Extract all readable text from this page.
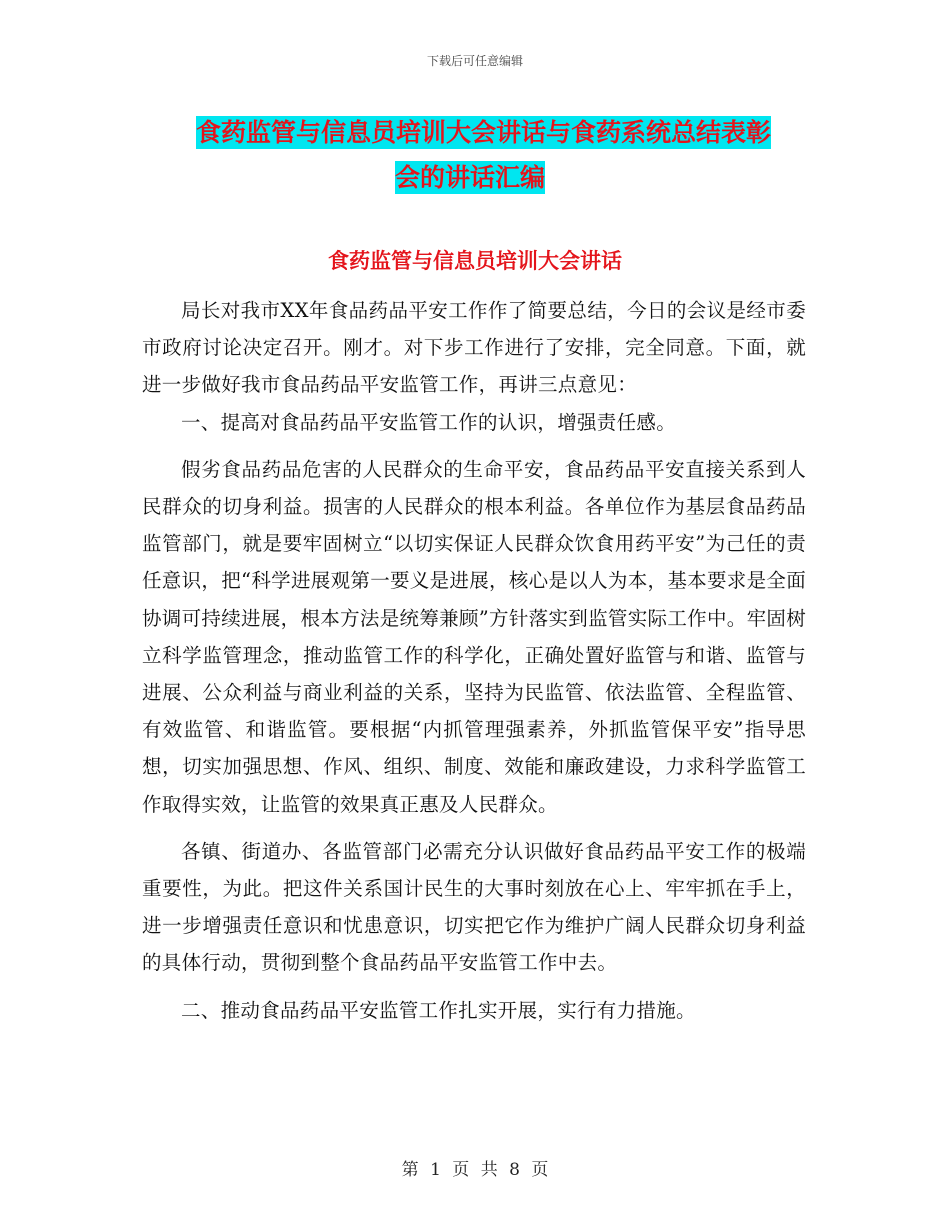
下载后可任意编辑
食药监管与信息员培训大会讲话与食药系统总结表彰
会的讲话汇编
食药监管与信息员培训大会讲话

局长对我市XX年食品药品平安工作作了简要总结，今日的会议是经市委市政府讨论决定召开。刚才。对下步工作进行了安排，完全同意。下面，就进一步做好我市食品药品平安监管工作，再讲三点意见：

一、提高对食品药品平安监管工作的认识，增强责任感。

假劣食品药品危害的人民群众的生命平安，食品药品平安直接关系到人民群众的切身利益。损害的人民群众的根本利益。各单位作为基层食品药品监管部门，就是要牢固树立“以切实保证人民群众饮食用药平安”为己任的责任意识，把“科学进展观第一要义是进展，核心是以人为本，基本要求是全面协调可持续进展，根本方法是统筹兼顾”方针落实到监管实际工作中。牢固树立科学监管理念，推动监管工作的科学化，正确处置好监管与和谐、监管与进展、公众利益与商业利益的关系，坚持为民监管、依法监管、全程监管、有效监管、和谐监管。要根据“内抓管理强素养，外抓监管保平安”指导思想，切实加强思想、作风、组织、制度、效能和廉政建设，力求科学监管工作取得实效，让监管的效果真正惠及人民群众。

各镇、街道办、各监管部门必需充分认识做好食品药品平安工作的极端重要性，为此。把这件关系国计民生的大事时刻放在心上、牢牢抓在手上，进一步增强责任意识和忧患意识，切实把它作为维护广阔人民群众切身利益的具体行动，贯彻到整个食品药品平安监管工作中去。

二、推动食品药品平安监管工作扎实开展，实行有力措施。

第 1 页 共 8 页
